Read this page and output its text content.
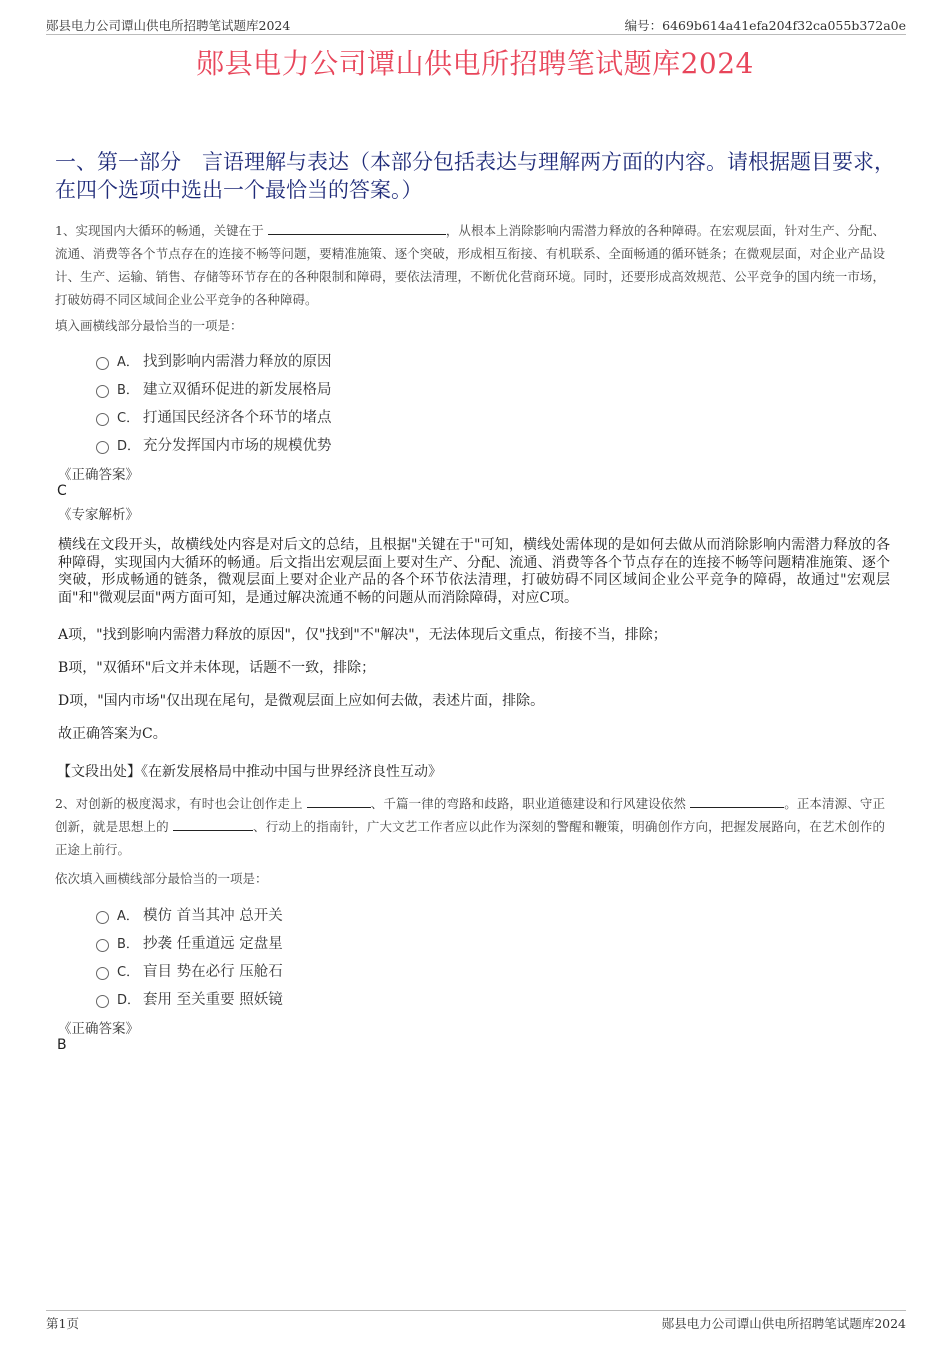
郧县电力公司谭山供电所招聘笔试题库2024	编号：6469b614a41efa204f32ca055b372a0e
郧县电力公司谭山供电所招聘笔试题库2024
一、第一部分　言语理解与表达（本部分包括表达与理解两方面的内容。请根据题目要求，在四个选项中选出一个最恰当的答案。）
1、实现国内大循环的畅通，关键在于	，从根本上消除影响内需潜力释放的各种障碍。在宏观层面，针对生产、分配、流通、消费等各个节点存在的连接不畅等问题，要精准施策、逐个突破，形成相互衔接、有机联系、全面畅通的循环链条；在微观层面，对企业产品设计、生产、运输、销售、存储等环节存在的各种限制和障碍，要依法清理，不断优化营商环境。同时，还要形成高效规范、公平竞争的国内统一市场，打破妨碍不同区域间企业公平竞争的各种障碍。
填入画横线部分最恰当的一项是：
A． 找到影响内需潜力释放的原因
B． 建立双循环促进的新发展格局
C． 打通国民经济各个环节的堵点
D． 充分发挥国内市场的规模优势
《正确答案》
C
《专家解析》
横线在文段开头，故横线处内容是对后文的总结，且根据"关键在于"可知，横线处需体现的是如何去做从而消除影响内需潜力释放的各种障碍，实现国内大循环的畅通。后文指出宏观层面上要对生产、分配、流通、消费等各个节点存在的连接不畅等问题精准施策、逐个突破，形成畅通的链条，微观层面上要对企业产品的各个环节依法清理，打破妨碍不同区域间企业公平竞争的障碍，故通过"宏观层面"和"微观层面"两方面可知，是通过解决流通不畅的问题从而消除障碍，对应C项。
A项，"找到影响内需潜力释放的原因"，仅"找到"不"解决"，无法体现后文重点，衔接不当，排除；
B项，"双循环"后文并未体现，话题不一致，排除；
D项，"国内市场"仅出现在尾句，是微观层面上应如何去做，表述片面，排除。
故正确答案为C。
【文段出处】《在新发展格局中推动中国与世界经济良性互动》
2、对创新的极度渴求，有时也会让创作走上	、千篇一律的弯路和歧路，职业道德建设和行风建设依然	。正本清源、守正创新，就是思想上的	、行动上的指南针，广大文艺工作者应以此作为深刻的警醒和鞭策，明确创作方向，把握发展路向，在艺术创作的正途上前行。
依次填入画横线部分最恰当的一项是：
A． 模仿 首当其冲 总开关
B． 抄袭 任重道远 定盘星
C． 盲目 势在必行 压舱石
D． 套用 至关重要 照妖镜
《正确答案》
B
第1页	郧县电力公司谭山供电所招聘笔试题库2024
